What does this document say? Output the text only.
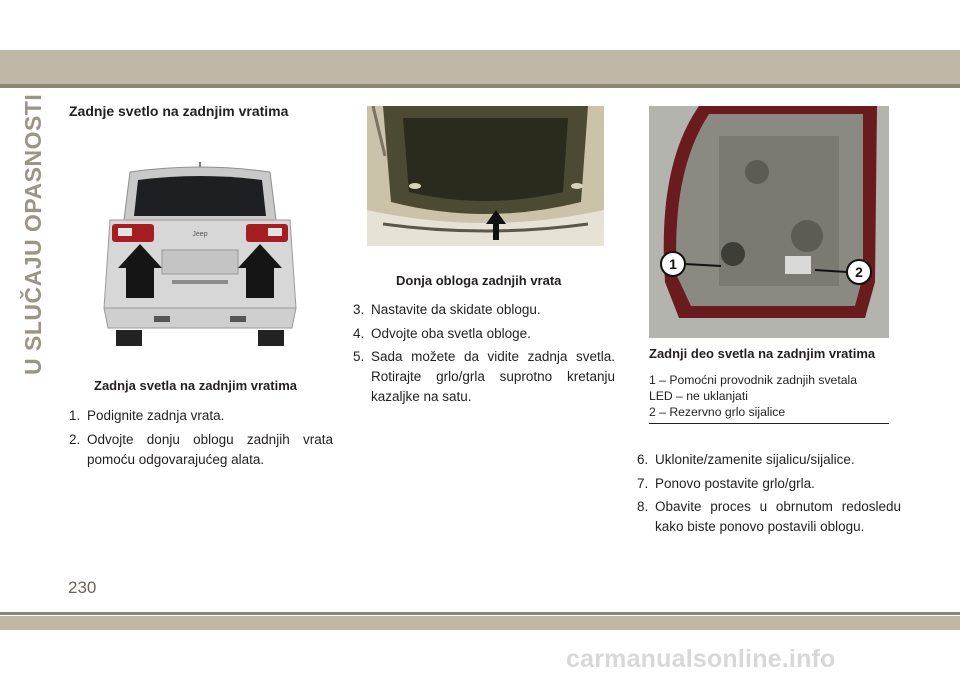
U SLUČAJU OPASNOSTI Zadnje svetlo na zadnjim vratima
Jeep
Zadnja svetla na zadnjim vratima
Donja obloga zadnjih vrata
1	2
Zadnji deo svetla na zadnjim vratima
1 – Pomoćni provodnik zadnjih svetala
LED – ne uklanjati
2 – Rezervno grlo sijalice
1. Podignite zadnja vrata.
2. Odvojte donju oblogu zadnjih vrata
pomoću odgovarajućeg alata.
3. Nastavite da skidate oblogu.
4. Odvojte oba svetla obloge.
5. Sada možete da vidite zadnja svetla.
Rotirajte grlo/grla suprotno kretanju
kazaljke na satu.
6. Uklonite/zamenite sijalicu/sijalice.
7. Ponovo postavite grlo/grla.
8. Obavite proces u obrnutom redosledu
kako biste ponovo postavili oblogu.
230
carmanualsonline.info
